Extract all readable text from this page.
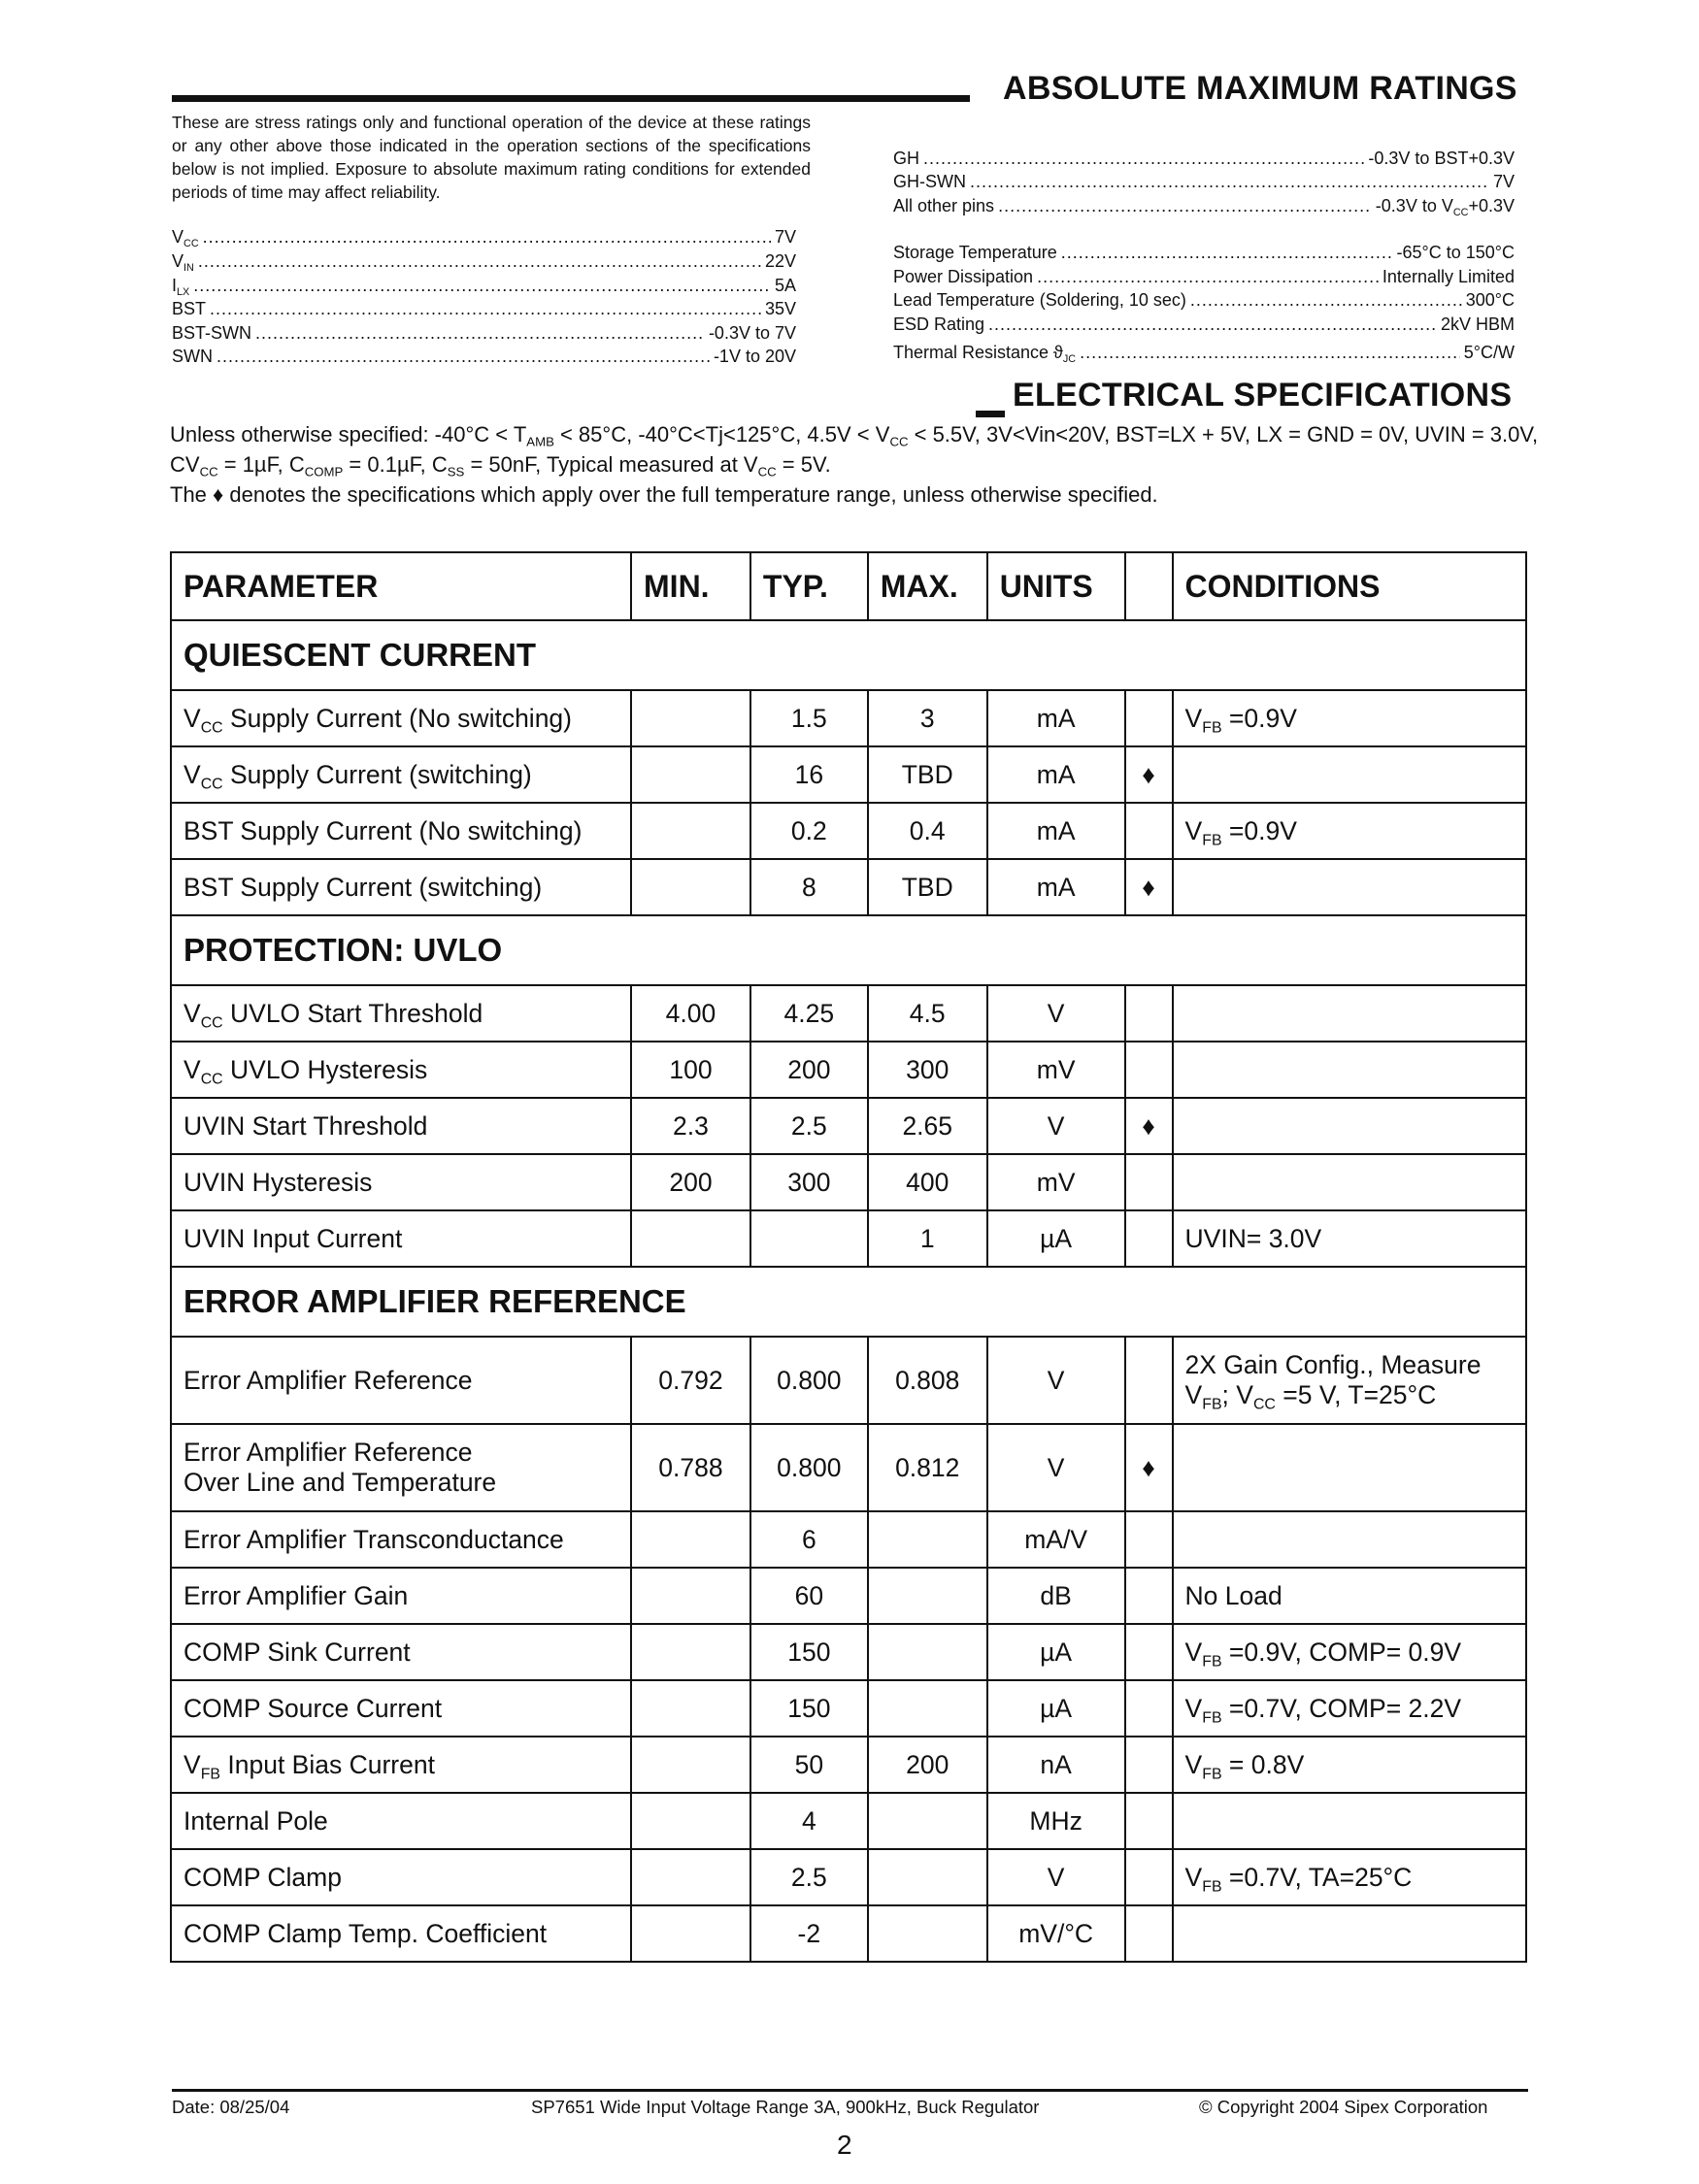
ABSOLUTE MAXIMUM RATINGS
These are stress ratings only and functional operation of the device at these ratings or any other above those indicated in the operation sections of the specifications below is not implied. Exposure to absolute maximum rating conditions for extended periods of time may affect reliability.
$V_{CC}$ .....	7V
$V_{IN}$ .....	22V
$I_{LX}$ .....	5A
BST .....	35V
BST-SWN .....	-0.3V to 7V
SWN .....	-1V to 20V
GH .....	-0.3V to BST+0.3V
GH-SWN .....	7V
All other pins .....	-0.3V to $V_{CC}+0.3V$
Storage Temperature .....	-65°C to 150°C
Power Dissipation .....	Internally Limited
Lead Temperature (Soldering, 10 sec) .....	300°C
ESD Rating .....	2kV HBM
Thermal Resistance $ϑ_{JC}$ .....	5°C/W
ELECTRICAL SPECIFICATIONS
Unless otherwise specified: $-40^\circ C < T_{AMB} < 85^\circ C$, -40°C<Tj<125°C, $4.5V < V_{CC} < 5.5V$, 3V<Vin<20V, BST=LX + 5V, LX = GND = 0V, UVIN = 3.0V, $CV_{CC} = 1\mu F$, $C_{COMP} = 0.1\mu F$, $C_{SS} = 50nF$, Typical measured at $V_{CC} = 5V$.
The ♦ denotes the specifications which apply over the full temperature range, unless otherwise specified.
PARAMETER	MIN.	TYP.	MAX.	UNITS		CONDITIONS
QUIESCENT CURRENT						
$V_{CC}$ Supply Current (No switching)		1.5	3	mA		$V_{FB} =0.9V$
$V_{CC}$ Supply Current (switching)		16	TBD	mA	♦	
BST Supply Current (No switching)		0.2	0.4	mA		$V_{FB} =0.9V$
BST Supply Current (switching)		8	TBD	mA	♦	
PROTECTION: UVLO						
$V_{CC}$ UVLO Start Threshold	4.00	4.25	4.5	V		
$V_{CC}$ UVLO Hysteresis	100	200	300	mV		
UVIN Start Threshold	2.3	2.5	2.65	V	♦	
UVIN Hysteresis	200	300	400	mV		
UVIN Input Current			1	µA		UVIN= 3.0V
ERROR AMPLIFIER REFERENCE						
Error Amplifier Reference	0.792	0.800	0.808	V		2X Gain Config., Measure
$V_{FB}$; $V_{CC} =5$ V, T=25°C
Error Amplifier Reference
Over Line and Temperature	0.788	0.800	0.812	V	♦	
Error Amplifier Transconductance		6		mA/V		
Error Amplifier Gain		60		dB		No Load
COMP Sink Current		150		µA		$V_{FB} =0.9V$, COMP= 0.9V
COMP Source Current		150		µA		$V_{FB} =0.7V$, COMP= 2.2V
$V_{FB}$ Input Bias Current		50	200	nA		$V_{FB} = 0.8V$
Internal Pole		4		MHz		
COMP Clamp		2.5		V		$V_{FB} =0.7V$, TA=25°C
COMP Clamp Temp. Coefficient		-2		mV/°C		
Date: 08/25/04	SP7651 Wide Input Voltage Range 3A, 900kHz, Buck Regulator	© Copyright 2004 Sipex Corporation
2
